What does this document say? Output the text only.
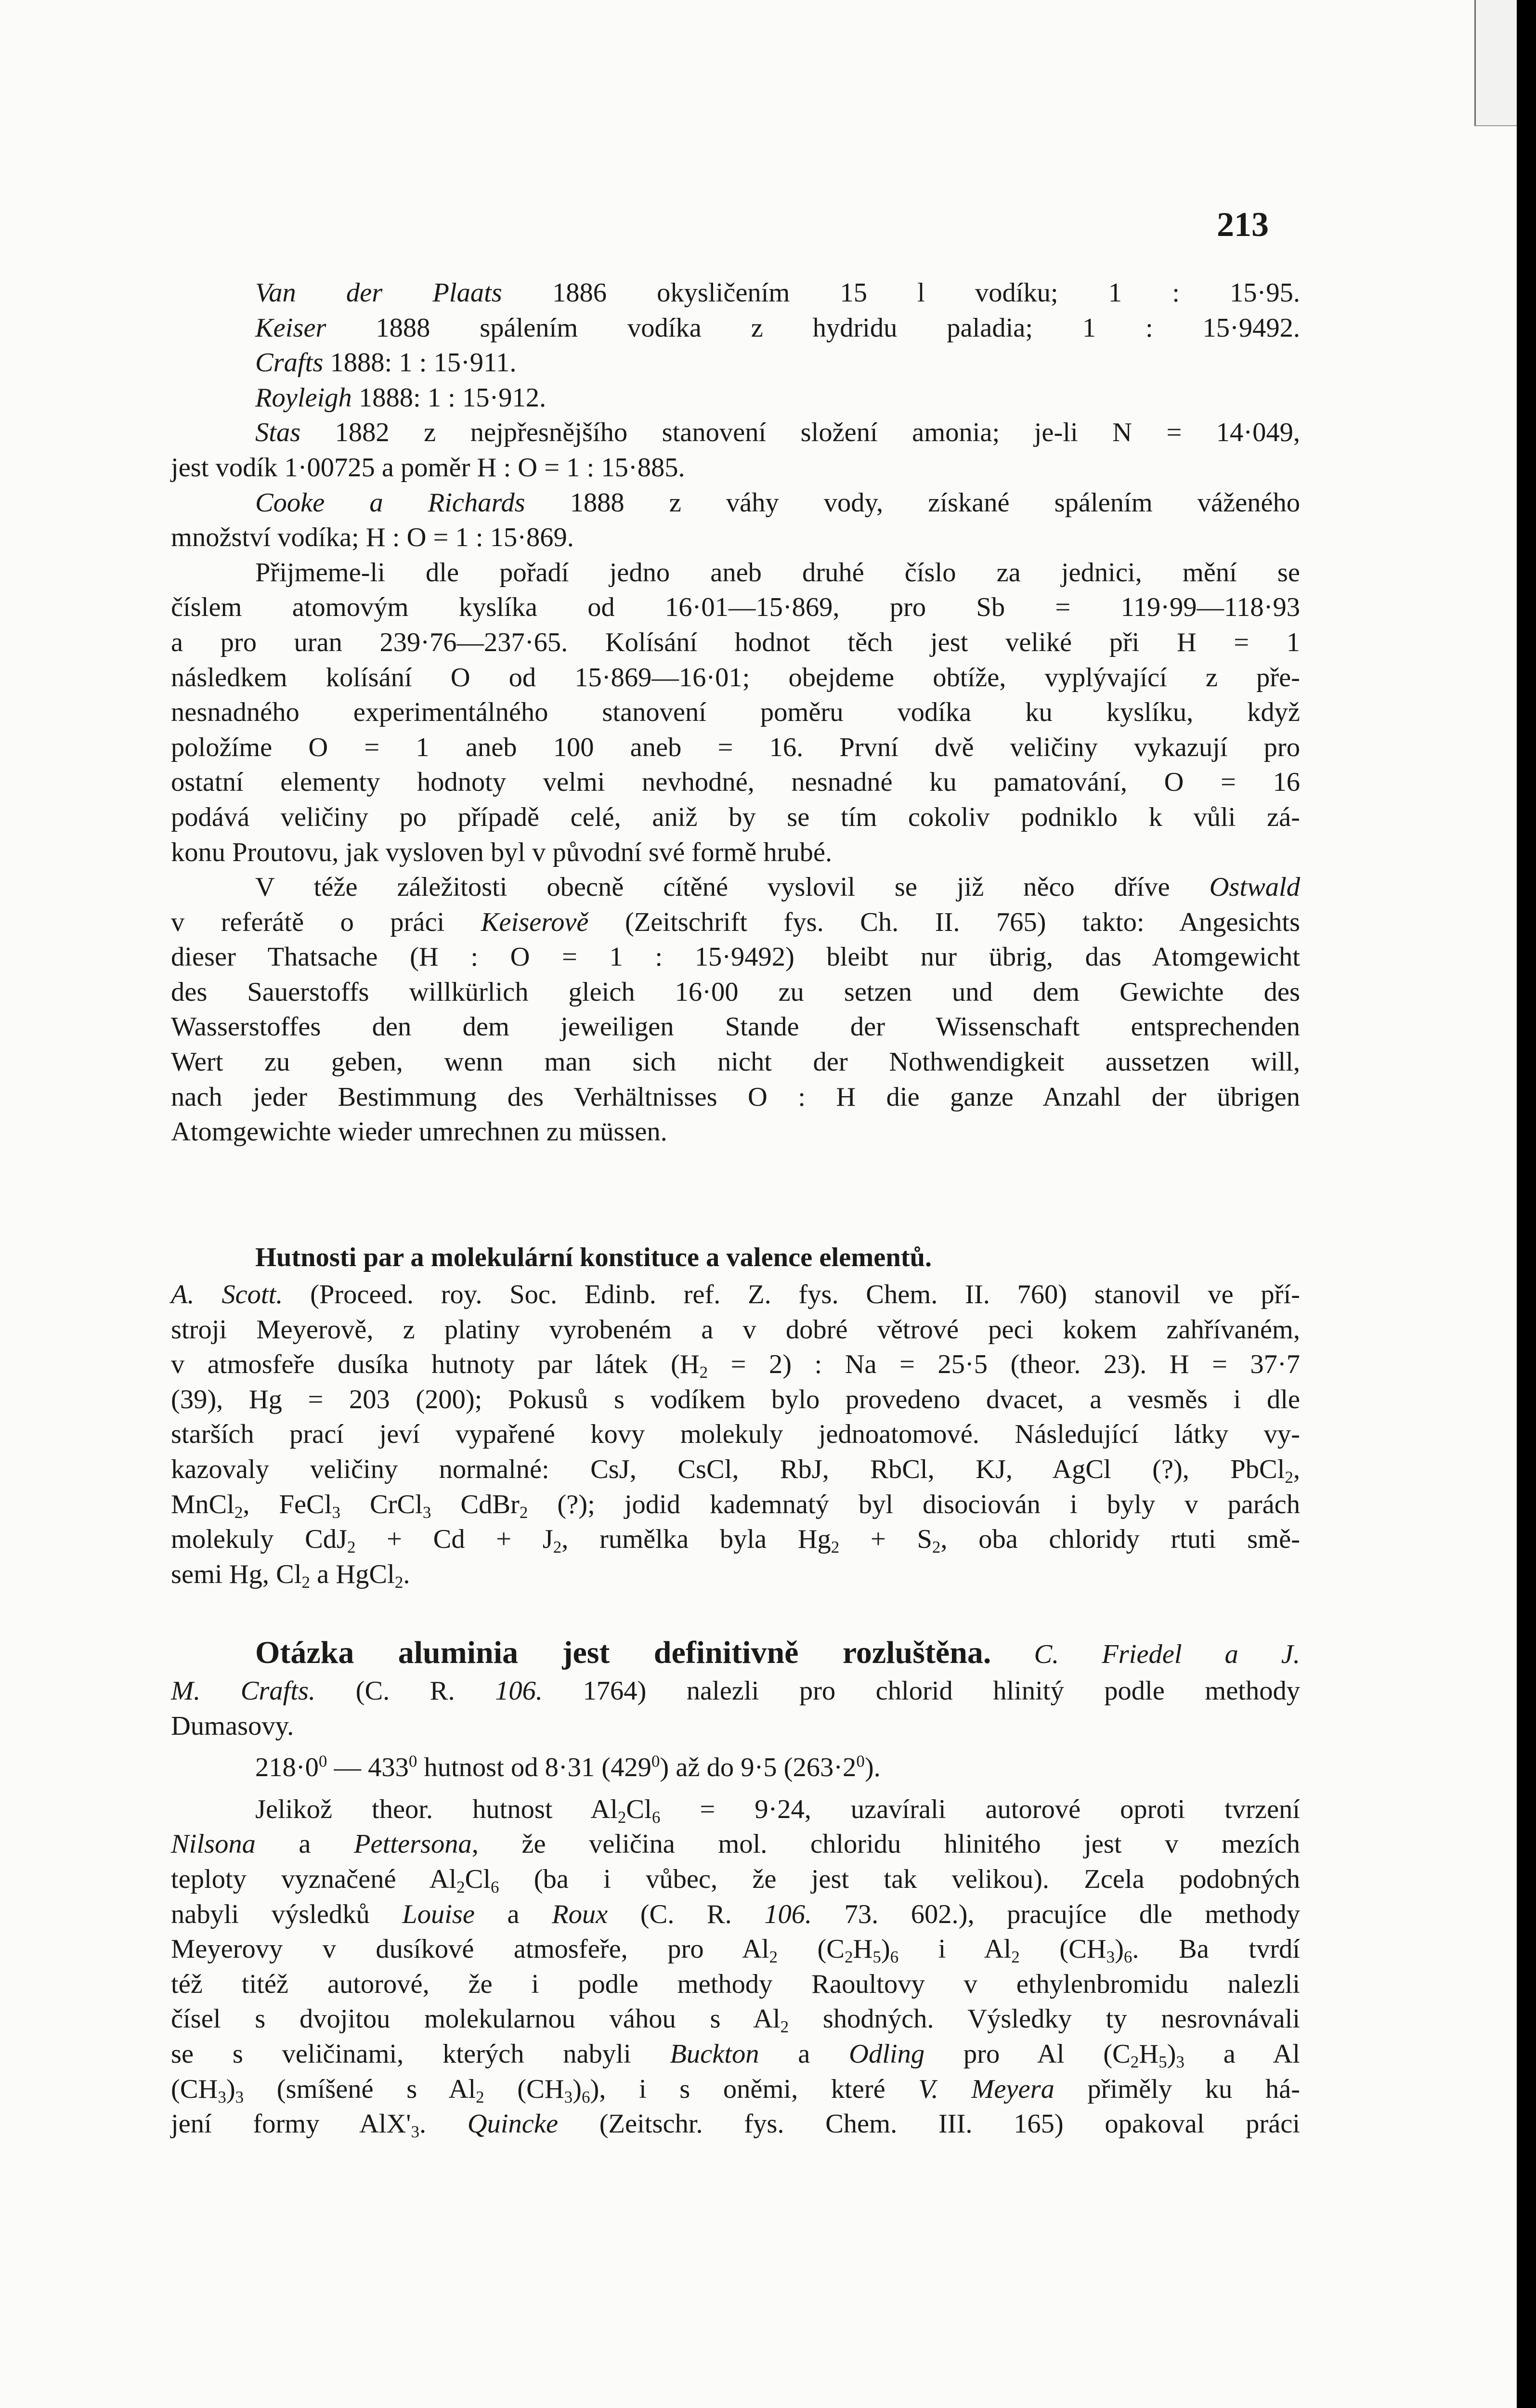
213

Van der Plaats 1886 okysličením 15 l vodíku; 1 : 15·95.

Keiser 1888 spálením vodíka z hydridu paladia; 1 : 15·9492.

Crafts 1888: 1 : 15·911.

Royleigh 1888: 1 : 15·912.

Stas 1882 z nejpřesnějšího stanovení složení amonia; je-li N = 14·049,

jest vodík 1·00725 a poměr H : O = 1 : 15·885.

Cooke a Richards 1888 z váhy vody, získané spálením váženého

množství vodíka; H : O = 1 : 15·869.

Přijmeme-li dle pořadí jedno aneb druhé číslo za jednici, mění se

číslem atomovým kyslíka od 16·01—15·869, pro Sb = 119·99—118·93

a pro uran 239·76—237·65. Kolísání hodnot těch jest veliké při H = 1

následkem kolísání O od 15·869—16·01; obejdeme obtíže, vyplývající z pře-

nesnadného experimentálného stanovení poměru vodíka ku kyslíku, když

položíme O = 1 aneb 100 aneb = 16. První dvě veličiny vykazují pro

ostatní elementy hodnoty velmi nevhodné, nesnadné ku pamatování, O = 16

podává veličiny po případě celé, aniž by se tím cokoliv podniklo k vůli zá-

konu Proutovu, jak vysloven byl v původní své formě hrubé.

V téže záležitosti obecně cítěné vyslovil se již něco dříve Ostwald

v referátě o práci Keiserově (Zeitschrift fys. Ch. II. 765) takto: Angesichts

dieser Thatsache (H : O = 1 : 15·9492) bleibt nur übrig, das Atomgewicht

des Sauerstoffs willkürlich gleich 16·00 zu setzen und dem Gewichte des

Wasserstoffes den dem jeweiligen Stande der Wissenschaft entsprechenden

Wert zu geben, wenn man sich nicht der Nothwendigkeit aussetzen will,

nach jeder Bestimmung des Verhältnisses O : H die ganze Anzahl der übrigen

Atomgewichte wieder umrechnen zu müssen.

Hutnosti par a molekulární konstituce a valence elementů.

A. Scott. (Proceed. roy. Soc. Edinb. ref. Z. fys. Chem. II. 760) stanovil ve pří-

stroji Meyerově, z platiny vyrobeném a v dobré větrové peci kokem zahřívaném,

v atmosfeře dusíka hutnoty par látek $(H_2 = 2)$ : Na = 25·5 (theor. 23). H = 37·7

(39), Hg = 203 (200); Pokusů s vodíkem bylo provedeno dvacet, a vesměs i dle

starších prací jeví vypařené kovy molekuly jednoatomové. Následující látky vy-

kazovaly veličiny normalné: CsJ, CsCl, RbJ, RbCl, KJ, AgCl (?), PbCl$_2$,

MnCl$_2$, FeCl$_3$ CrCl$_3$ CdBr$_2$ (?); jodid kademnatý byl disociován i byly v parách

molekuly $CdJ_2 + Cd + J_2$, rumělka byla $Hg_2 + S_2$, oba chloridy rtuti smě-

semi Hg, $Cl_2$ a HgCl$_2$.

Otázka aluminia jest definitivně rozluštěna. C. Friedel a J.

M. Crafts. (C. R. 106. 1764) nalezli pro chlorid hlinitý podle methody

Dumasovy.

$218\cdot 0^0$ — $433^0$ hutnost od 8·31 $(429^0)$ až do 9·5 $(263\cdot 2^0)$.

Jelikož theor. hutnost $Al_2Cl_6 = 9\cdot 24$, uzavírali autorové oproti tvrzení

Nilsona a Pettersona, že veličina mol. chloridu hlinitého jest v mezích

teploty vyznačené $Al_2Cl_6$ (ba i vůbec, že jest tak velikou). Zcela podobných

nabyli výsledků Louise a Roux (C. R. 106. 73. 602.), pracujíce dle methody

Meyerovy v dusíkové atmosfeře, pro $Al_2$ $(C_2H_5)_6$ i $Al_2$ $(CH_3)_6$. Ba tvrdí

též titéž autorové, že i podle methody Raoultovy v ethylenbromidu nalezli

čísel s dvojitou molekularnou váhou s $Al_2$ shodných. Výsledky ty nesrovnávali

se s veličinami, kterých nabyli Buckton a Odling pro Al $(C_2H_5)_3$ a Al

$(CH_3)_3$ (smíšené s $Al_2$ $(CH_3)_6$), i s oněmi, které V. Meyera přiměly ku há-

jení formy $AlX'_3$. Quincke (Zeitschr. fys. Chem. III. 165) opakoval práci
